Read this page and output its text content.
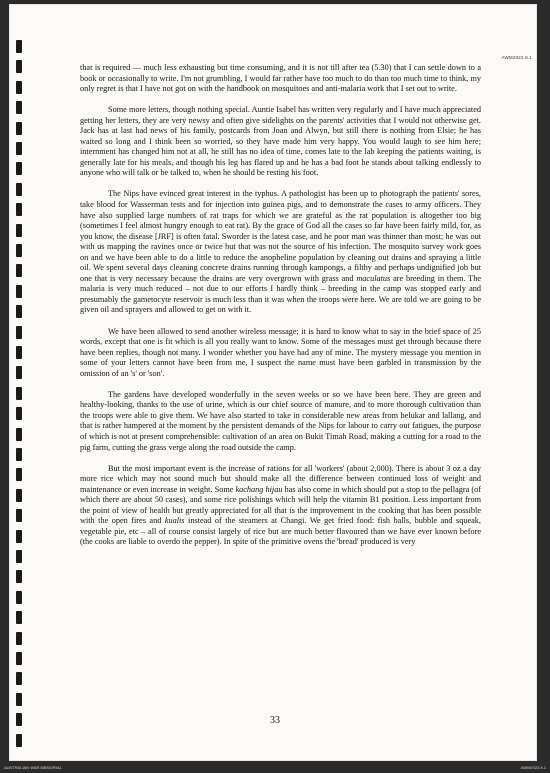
AWM2022.8.1

that is required — much less exhausting but time consuming, and it is not till after tea (5.30) that I can settle down to a book or occasionally to write. I'm not grumbling, I would far rather have too much to do than too much time to think, my only regret is that I have not got on with the handbook on mosquitoes and anti-malaria work that I set out to write.

Some more letters, though nothing special. Auntie Isabel has written very regularly and I have much appreciated getting her letters, they are very newsy and often give sidelights on the parents' activities that I would not otherwise get. Jack has at last had news of his family, postcards from Joan and Alwyn, but still there is nothing from Elsie; he has waited so long and I think been so worried, so they have made him very happy. You would laugh to see him here; internment has changed him not at all, he still has no idea of time, comes late to the lab keeping the patients waiting, is generally late for his meals, and though his leg has flared up and he has a bad foot he stands about talking endlessly to anyone who will talk or be talked to, when he should be resting his foot.

The Nips have evinced great interest in the typhus. A pathologist has been up to photograph the patients' sores, take blood for Wasserman tests and for injection into guinea pigs, and to demonstrate the cases to army officers. They have also supplied large numbers of rat traps for which we are grateful as the rat population is altogether too big (sometimes I feel almost hungry enough to eat rat). By the grace of God all the cases so far have been fairly mild, for, as you know, the disease [JRF] is often fatal. Sworder is the latest case, and he poor man was thinner than most; he was out with us mapping the ravines once or twice but that was not the source of his infection. The mosquito survey work goes on and we have been able to do a little to reduce the anopheline population by cleaning out drains and spraying a little oil. We spent several days cleaning concrete drains running through kampongs, a filthy and perhaps undignified job but one that is very necessary because the drains are very overgrown with grass and maculatus are breeding in them. The malaria is very much reduced – not due to our efforts I hardly think – breeding in the camp was stopped early and presumably the gametocyte reservoir is much less than it was when the troops were here. We are told we are going to be given oil and sprayers and allowed to get on with it.

We have been allowed to send another wireless message; it is hard to know what to say in the brief space of 25 words, except that one is fit which is all you really want to know. Some of the messages must get through because there have been replies, though not many. I wonder whether you have had any of mine. The mystery message you mention in some of your letters cannot have been from me, I suspect the name must have been garbled in transmission by the omission of an 's' or 'son'.

The gardens have developed wonderfully in the seven weeks or so we have been here. They are green and healthy-looking, thanks to the use of urine, which is our chief source of manure, and to more thorough cultivation than the troops were able to give them. We have also started to take in considerable new areas from belukar and lallang, and that is rather hampered at the moment by the persistent demands of the Nips for labour to carry out fatigues, the purpose of which is not at present comprehensible: cultivation of an area on Bukit Timah Road, making a cutting for a road to the pig farm, cutting the grass verge along the road outside the camp.

But the most important event is the increase of rations for all 'workers' (about 2,000). There is about 3 oz a day more rice which may not sound much but should make all the difference between continued loss of weight and maintenance or even increase in weight. Some kachang hijau has also come in which should put a stop to the pellagra (of which there are about 50 cases), and some rice polishings which will help the vitamin B1 position. Less important from the point of view of health but greatly appreciated for all that is the improvement in the cooking that has been possible with the open fires and kualis instead of the steamers at Changi. We get fried food: fish balls, bubble and squeak, vegetable pie, etc – all of course consist largely of rice but are much better flavoured than we have ever known before (the cooks are liable to overdo the pepper). In spite of the primitive ovens the 'bread' produced is very

33
AUSTRALIAN WAR MEMORIAL	AWM2022.8.1
